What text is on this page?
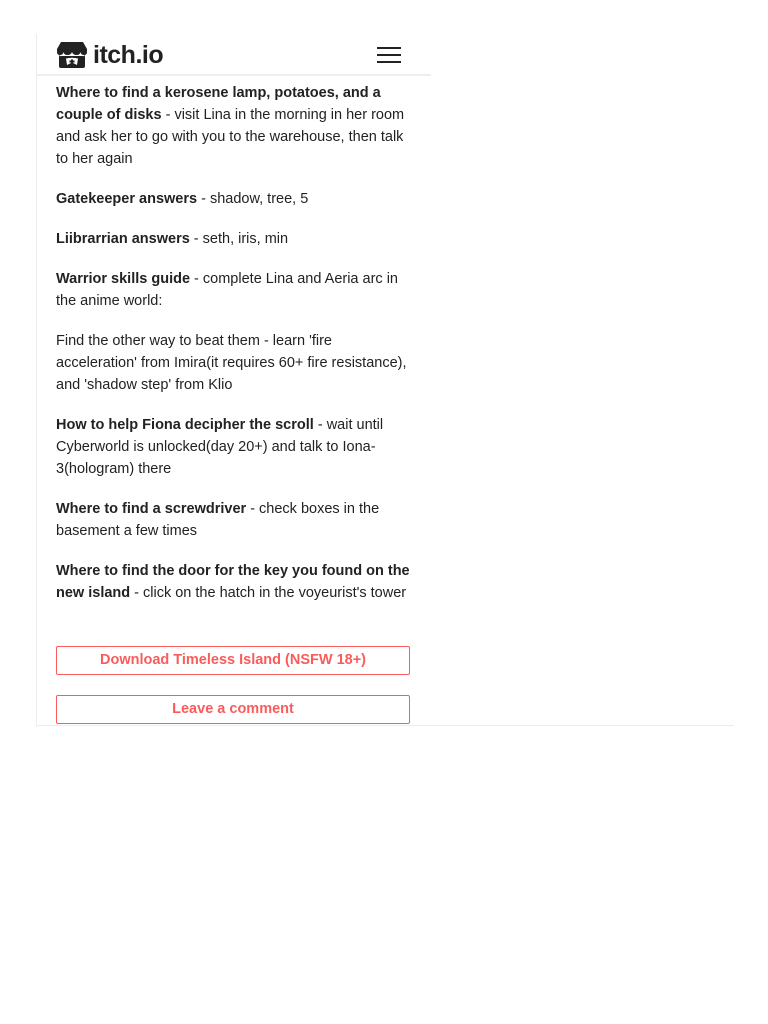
itch.io

Where to find a kerosene lamp, potatoes, and a couple of disks - visit Lina in the morning in her room and ask her to go with you to the warehouse, then talk to her again

Gatekeeper answers - shadow, tree, 5

Liibrarrian answers - seth, iris, min

Warrior skills guide - complete Lina and Aeria arc in the anime world:

Find the other way to beat them - learn 'fire acceleration' from Imira(it requires 60+ fire resistance), and 'shadow step' from Klio

How to help Fiona decipher the scroll - wait until Cyberworld is unlocked(day 20+) and talk to Iona-3(hologram) there

Where to find a screwdriver - check boxes in the basement a few times

Where to find the door for the key you found on the new island - click on the hatch in the voyeurist's tower

Download Timeless Island (NSFW 18+)
Leave a comment
